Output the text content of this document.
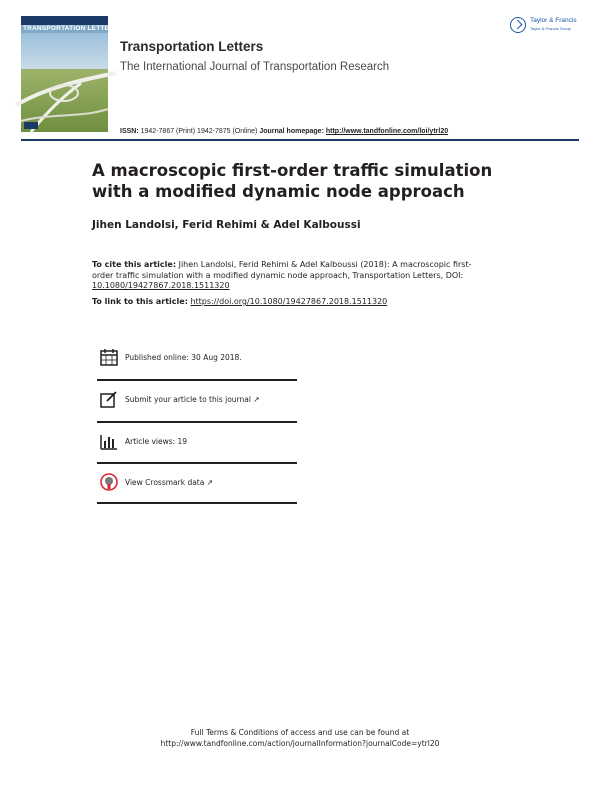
TRANSPORTATION LETTERS
Transportation Letters
The International Journal of Transportation Research
Taylor & Francis
Taylor & Francis Group
ISSN: 1942-7867 (Print) 1942-7875 (Online) Journal homepage: http://www.tandfonline.com/loi/ytrl20
A macroscopic first-order traffic simulation with a modified dynamic node approach
Jihen Landolsi, Ferid Rehimi & Adel Kalboussi
To cite this article: Jihen Landolsi, Ferid Rehimi & Adel Kalboussi (2018): A macroscopic first-order traffic simulation with a modified dynamic node approach, Transportation Letters, DOI: 10.1080/19427867.2018.1511320
To link to this article: https://doi.org/10.1080/19427867.2018.1511320
Published online: 30 Aug 2018.
Submit your article to this journal ↗
Article views: 19
View Crossmark data ↗
Full Terms & Conditions of access and use can be found at
http://www.tandfonline.com/action/journalInformation?journalCode=ytrl20
